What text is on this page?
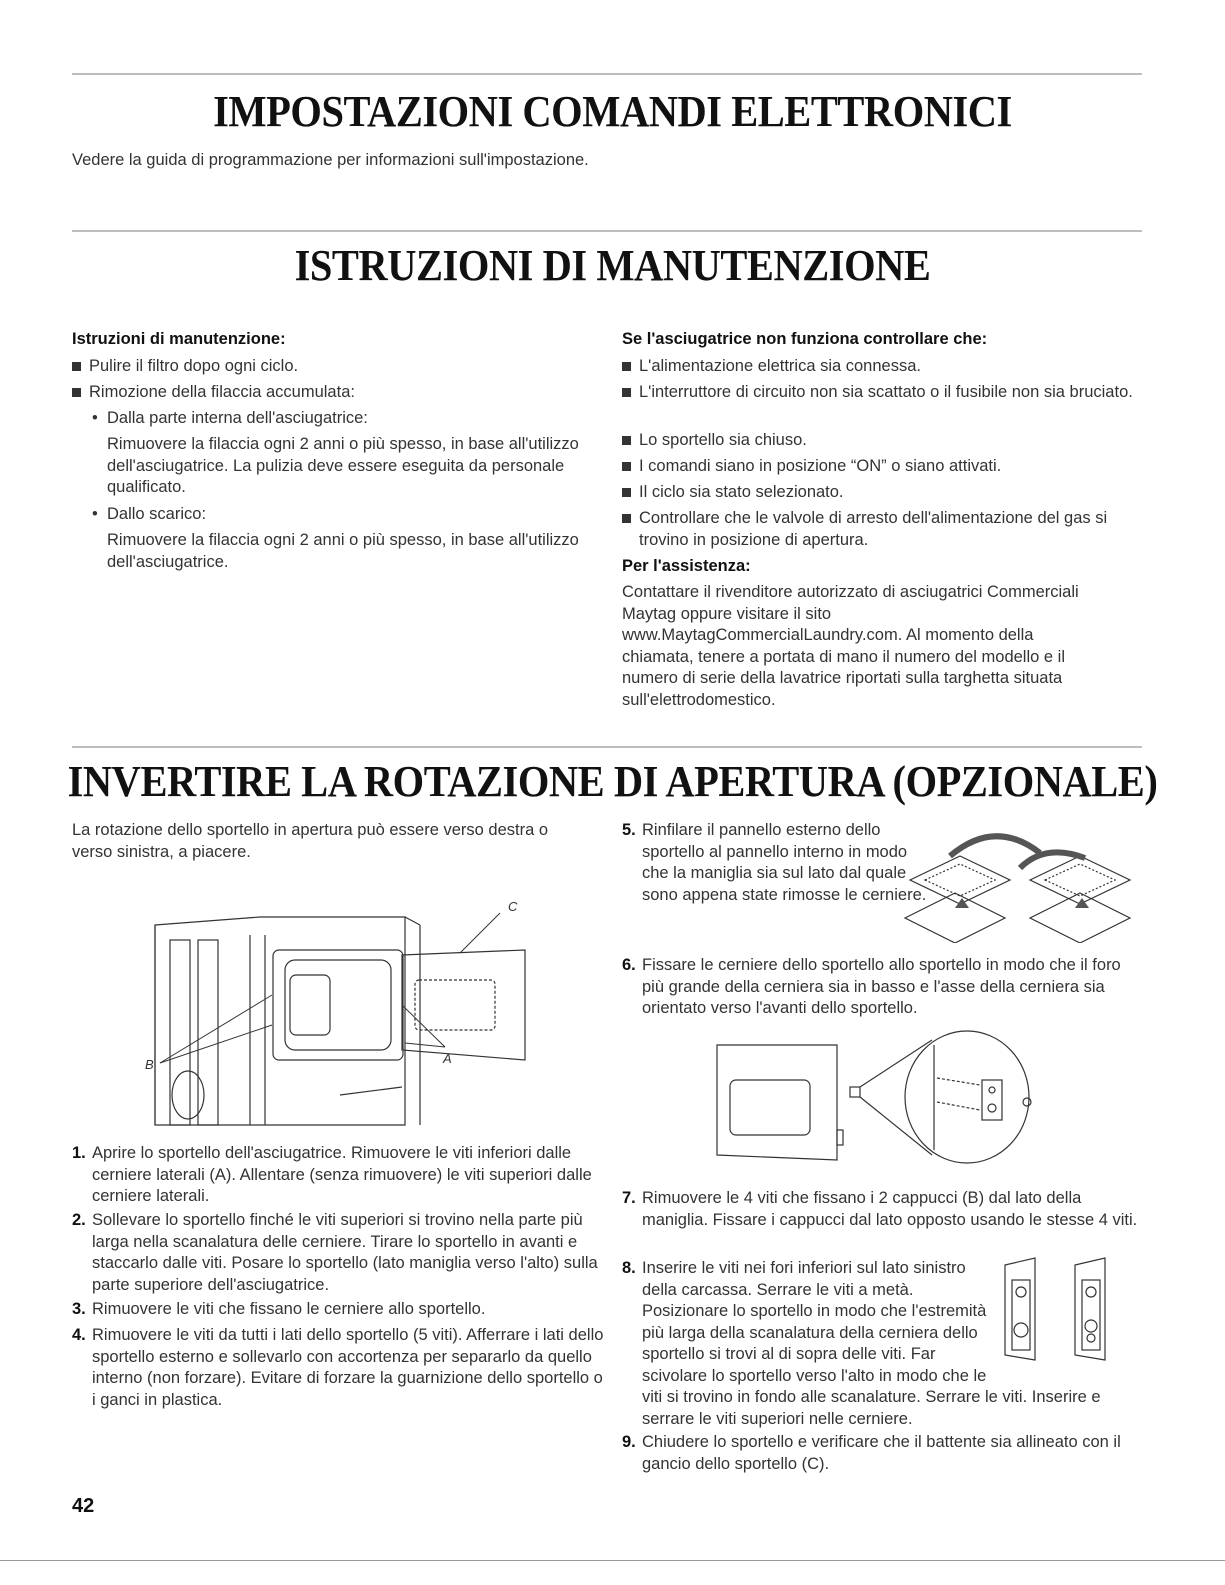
IMPOSTAZIONI COMANDI ELETTRONICI

Vedere la guida di programmazione per informazioni sull'impostazione.

ISTRUZIONI DI MANUTENZIONE

Istruzioni di manutenzione:

Pulire il filtro dopo ogni ciclo.

Rimozione della filaccia accumulata:

• Dalla parte interna dell'asciugatrice:

Rimuovere la filaccia ogni 2 anni o più spesso, in base all'utilizzo dell'asciugatrice. La pulizia deve essere eseguita da personale qualificato.

• Dallo scarico:

Rimuovere la filaccia ogni 2 anni o più spesso, in base all'utilizzo dell'asciugatrice.

Se l'asciugatrice non funziona controllare che:

L'alimentazione elettrica sia connessa.

L'interruttore di circuito non sia scattato o il fusibile non sia bruciato.

Lo sportello sia chiuso.

I comandi siano in posizione “ON” o siano attivati.

Il ciclo sia stato selezionato.

Controllare che le valvole di arresto dell'alimentazione del gas si trovino in posizione di apertura.

Per l'assistenza:

Contattare il rivenditore autorizzato di asciugatrici Commerciali Maytag oppure visitare il sito www.MaytagCommercialLaundry.com. Al momento della chiamata, tenere a portata di mano il numero del modello e il numero di serie della lavatrice riportati sulla targhetta situata sull'elettrodomestico.

INVERTIRE LA ROTAZIONE DI APERTURA (OPZIONALE)

La rotazione dello sportello in apertura può essere verso destra o verso sinistra, a piacere.

B	A
C
1. Aprire lo sportello dell'asciugatrice. Rimuovere le viti inferiori dalle cerniere laterali (A). Allentare (senza rimuovere) le viti superiori dalle cerniere laterali.
2. Sollevare lo sportello finché le viti superiori si trovino nella parte più larga nella scanalatura delle cerniere. Tirare lo sportello in avanti e staccarlo dalle viti. Posare lo sportello (lato maniglia verso l'alto) sulla parte superiore dell'asciugatrice.
3. Rimuovere le viti che fissano le cerniere allo sportello.
4. Rimuovere le viti da tutti i lati dello sportello (5 viti). Afferrare i lati dello sportello esterno e sollevarlo con accortenza per separarlo da quello interno (non forzare). Evitare di forzare la guarnizione dello sportello o i ganci in plastica.
5. Rinfilare il pannello esterno dello sportello al pannello interno in modo che la maniglia sia sul lato dal quale sono appena state rimosse le cerniere.
6. Fissare le cerniere dello sportello allo sportello in modo che il foro più grande della cerniera sia in basso e l'asse della cerniera sia orientato verso l'avanti dello sportello.
7. Rimuovere le 4 viti che fissano i 2 cappucci (B) dal lato della maniglia. Fissare i cappucci dal lato opposto usando le stesse 4 viti.
8. Inserire le viti nei fori inferiori sul lato sinistro della carcassa. Serrare le viti a metà. Posizionare lo sportello in modo che l'estremità più larga della scanalatura della cerniera dello sportello si trovi al di sopra delle viti. Far scivolare lo sportello verso l'alto in modo che le viti si trovino in fondo alle scanalature. Serrare le viti. Inserire e serrare le viti superiori nelle cerniere.
9. Chiudere lo sportello e verificare che il battente sia allineato con il gancio dello sportello (C).
42
